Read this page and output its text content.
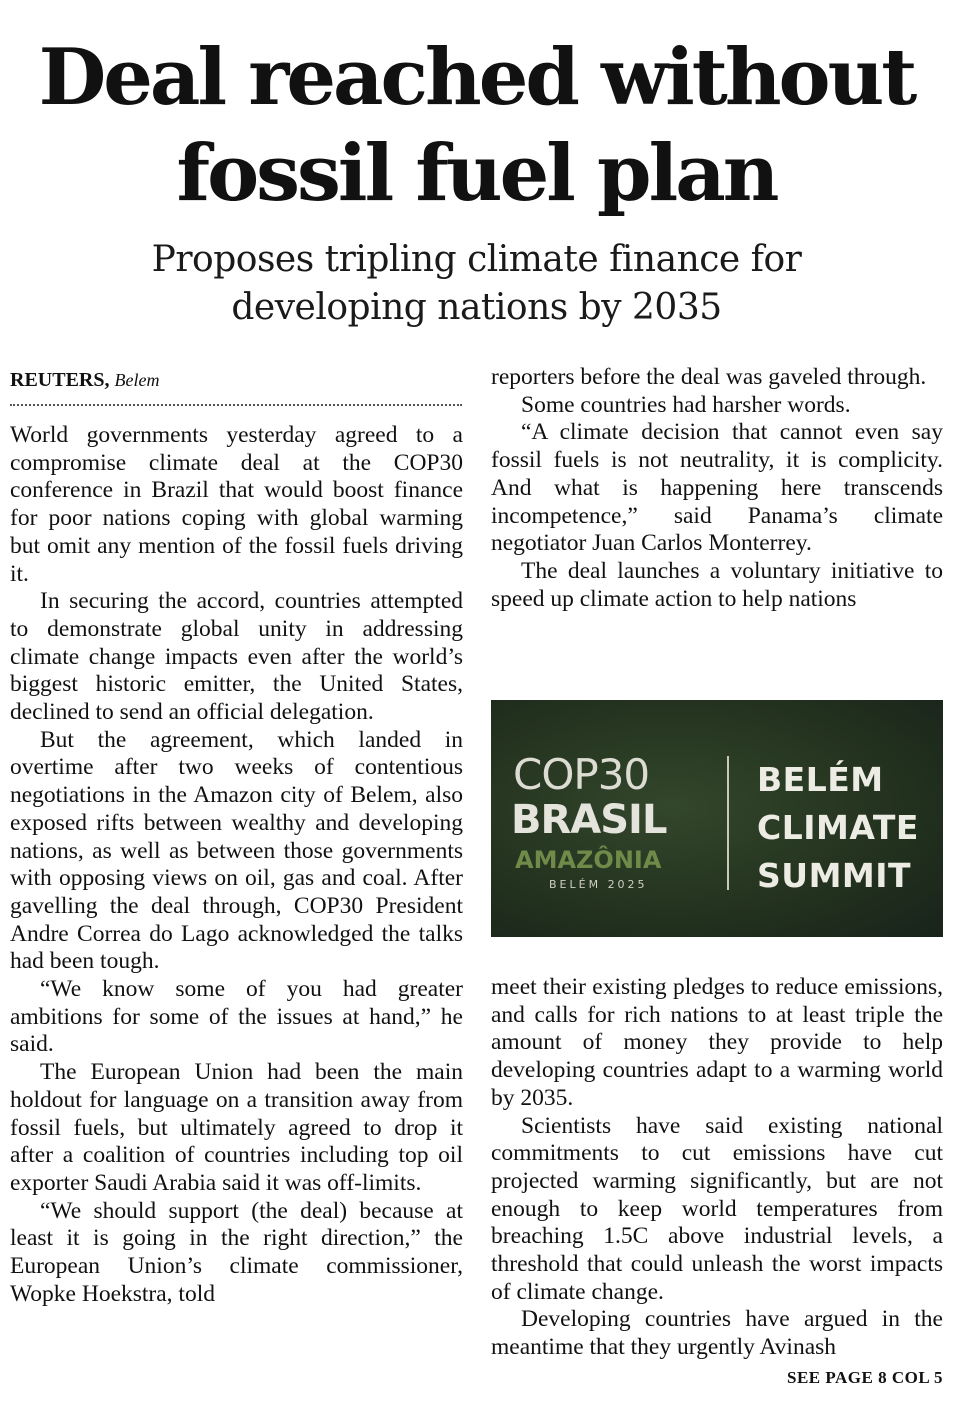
Deal reached without
fossil fuel plan
Proposes tripling climate finance for
developing nations by 2035
REUTERS, Belem

World governments yesterday agreed to a compromise climate deal at the COP30 conference in Brazil that would boost finance for poor nations coping with global warming but omit any mention of the fossil fuels driving it.

In securing the accord, countries attempted to demonstrate global unity in addressing climate change impacts even after the world’s biggest historic emitter, the United States, declined to send an official delegation.

But the agreement, which landed in overtime after two weeks of contentious negotiations in the Amazon city of Belem, also exposed rifts between wealthy and developing nations, as well as between those governments with opposing views on oil, gas and coal. After gavelling the deal through, COP30 President Andre Correa do Lago acknowledged the talks had been tough.

“We know some of you had greater ambitions for some of the issues at hand,” he said.

The European Union had been the main holdout for language on a transition away from fossil fuels, but ultimately agreed to drop it after a coalition of countries including top oil exporter Saudi Arabia said it was off-limits.

“We should support (the deal) because at least it is going in the right direction,” the European Union’s climate commissioner, Wopke Hoekstra, told

reporters before the deal was gaveled through.

Some countries had harsher words.

“A climate decision that cannot even say fossil fuels is not neutrality, it is complicity. And what is happening here transcends incompetence,” said Panama’s climate negotiator Juan Carlos Monterrey.

The deal launches a voluntary initiative to speed up climate action to help nations

COP30
BRASIL
AMAZÔNIA
BELÉM 2025
BELÉM
CLIMATE
SUMMIT

meet their existing pledges to reduce emissions, and calls for rich nations to at least triple the amount of money they provide to help developing countries adapt to a warming world by 2035.

Scientists have said existing national commitments to cut emissions have cut projected warming significantly, but are not enough to keep world temperatures from breaching 1.5C above industrial levels, a threshold that could unleash the worst impacts of climate change.

Developing countries have argued in the meantime that they urgently Avinash

SEE PAGE 8 COL 5
